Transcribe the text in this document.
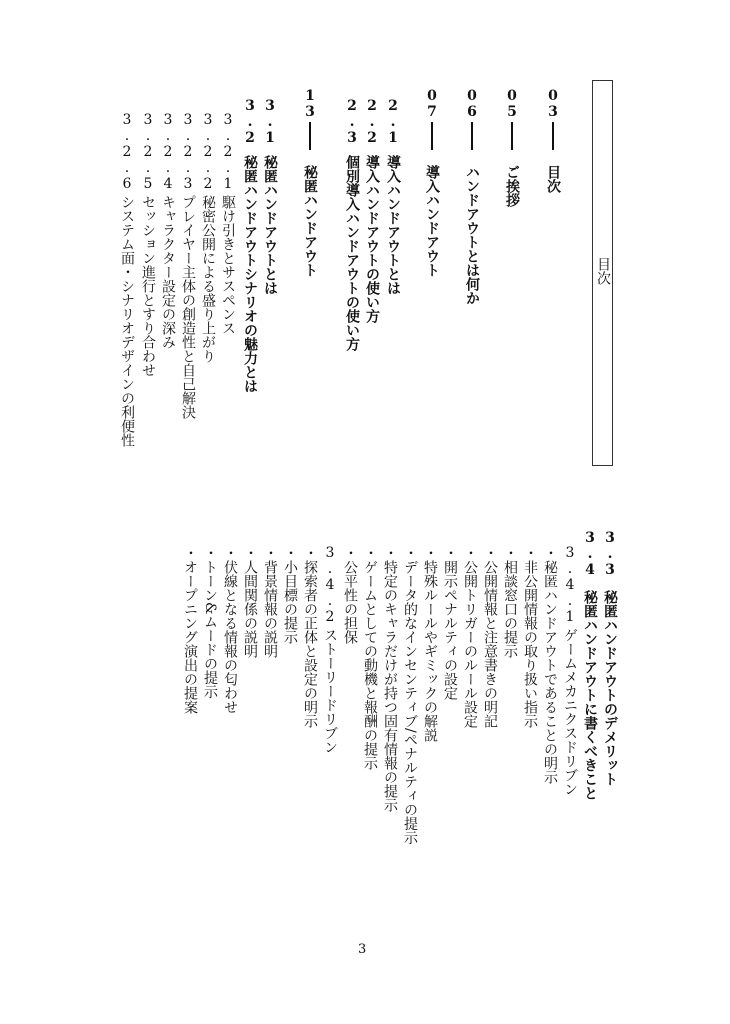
目次
03
目次
05
ご挨拶
06
ハンドアウトとは何か
07
導入ハンドアウト
2.1
導入ハンドアウトとは
2.2
導入ハンドアウトの使い方
2.3
個別導入ハンドアウトの使い方
13
秘匿ハンドアウト
3.1
秘匿ハンドアウトとは
3.2
秘匿ハンドアウトシナリオの魅力とは
3.2.1
駆け引きとサスペンス
3.2.2
秘密公開による盛り上がり
3.2.3
プレイヤー主体の創造性と自己解決
3.2.4
キャラクター設定の深み
3.2.5
セッション進行とすり合わせ
3.2.6
システム面・シナリオデザインの利便性
3.3
秘匿ハンドアウトのデメリット
3.4
秘匿ハンドアウトに書くべきこと
3.4.1
ゲームメカニクスドリブン
・
秘匿ハンドアウトであることの明示
・
非公開情報の取り扱い指示
・
相談窓口の提示
・
公開情報と注意書きの明記
・
公開トリガーのルール設定
・
開示ペナルティの設定
・
特殊ルールやギミックの解説
・
データ的なインセンティブ/ペナルティの提示
・
特定のキャラだけが持つ固有情報の提示
・
ゲームとしての動機と報酬の提示
・
公平性の担保
3.4.2
ストーリードリブン
・
探索者の正体と設定の明示
・
小目標の提示
・
背景情報の説明
・
人間関係の説明
・
伏線となる情報の匂わせ
・
トーン&ムードの提示
・
オープニング演出の提案
3
